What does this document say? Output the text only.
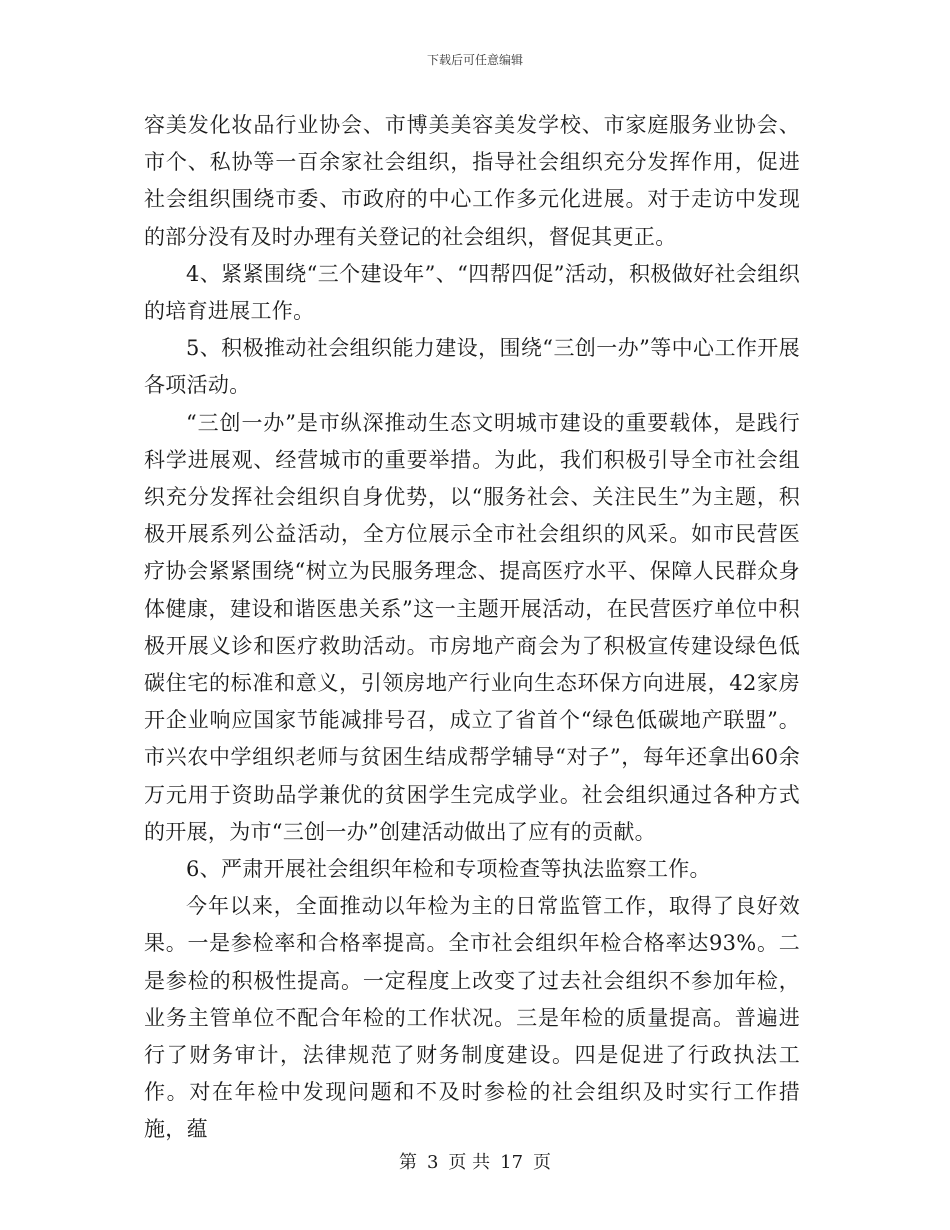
下载后可任意编辑

容美发化妆品行业协会、市博美美容美发学校、市家庭服务业协会、市个、私协等一百余家社会组织，指导社会组织充分发挥作用，促进社会组织围绕市委、市政府的中心工作多元化进展。对于走访中发现的部分没有及时办理有关登记的社会组织，督促其更正。

4、紧紧围绕“三个建设年”、“四帮四促”活动，积极做好社会组织的培育进展工作。

5、积极推动社会组织能力建设，围绕“三创一办”等中心工作开展各项活动。

“三创一办”是市纵深推动生态文明城市建设的重要载体，是践行科学进展观、经营城市的重要举措。为此，我们积极引导全市社会组织充分发挥社会组织自身优势，以“服务社会、关注民生”为主题，积极开展系列公益活动，全方位展示全市社会组织的风采。如市民营医疗协会紧紧围绕“树立为民服务理念、提高医疗水平、保障人民群众身体健康，建设和谐医患关系”这一主题开展活动，在民营医疗单位中积极开展义诊和医疗救助活动。市房地产商会为了积极宣传建设绿色低碳住宅的标准和意义，引领房地产行业向生态环保方向进展，42家房开企业响应国家节能减排号召，成立了省首个“绿色低碳地产联盟”。市兴农中学组织老师与贫困生结成帮学辅导“对子”，每年还拿出60余万元用于资助品学兼优的贫困学生完成学业。社会组织通过各种方式的开展，为市“三创一办”创建活动做出了应有的贡献。

6、严肃开展社会组织年检和专项检查等执法监察工作。

今年以来，全面推动以年检为主的日常监管工作，取得了良好效果。一是参检率和合格率提高。全市社会组织年检合格率达93%。二是参检的积极性提高。一定程度上改变了过去社会组织不参加年检，业务主管单位不配合年检的工作状况。三是年检的质量提高。普遍进行了财务审计，法律规范了财务制度建设。四是促进了行政执法工作。对在年检中发现问题和不及时参检的社会组织及时实行工作措施，蕴

第 3 页 共 17 页
